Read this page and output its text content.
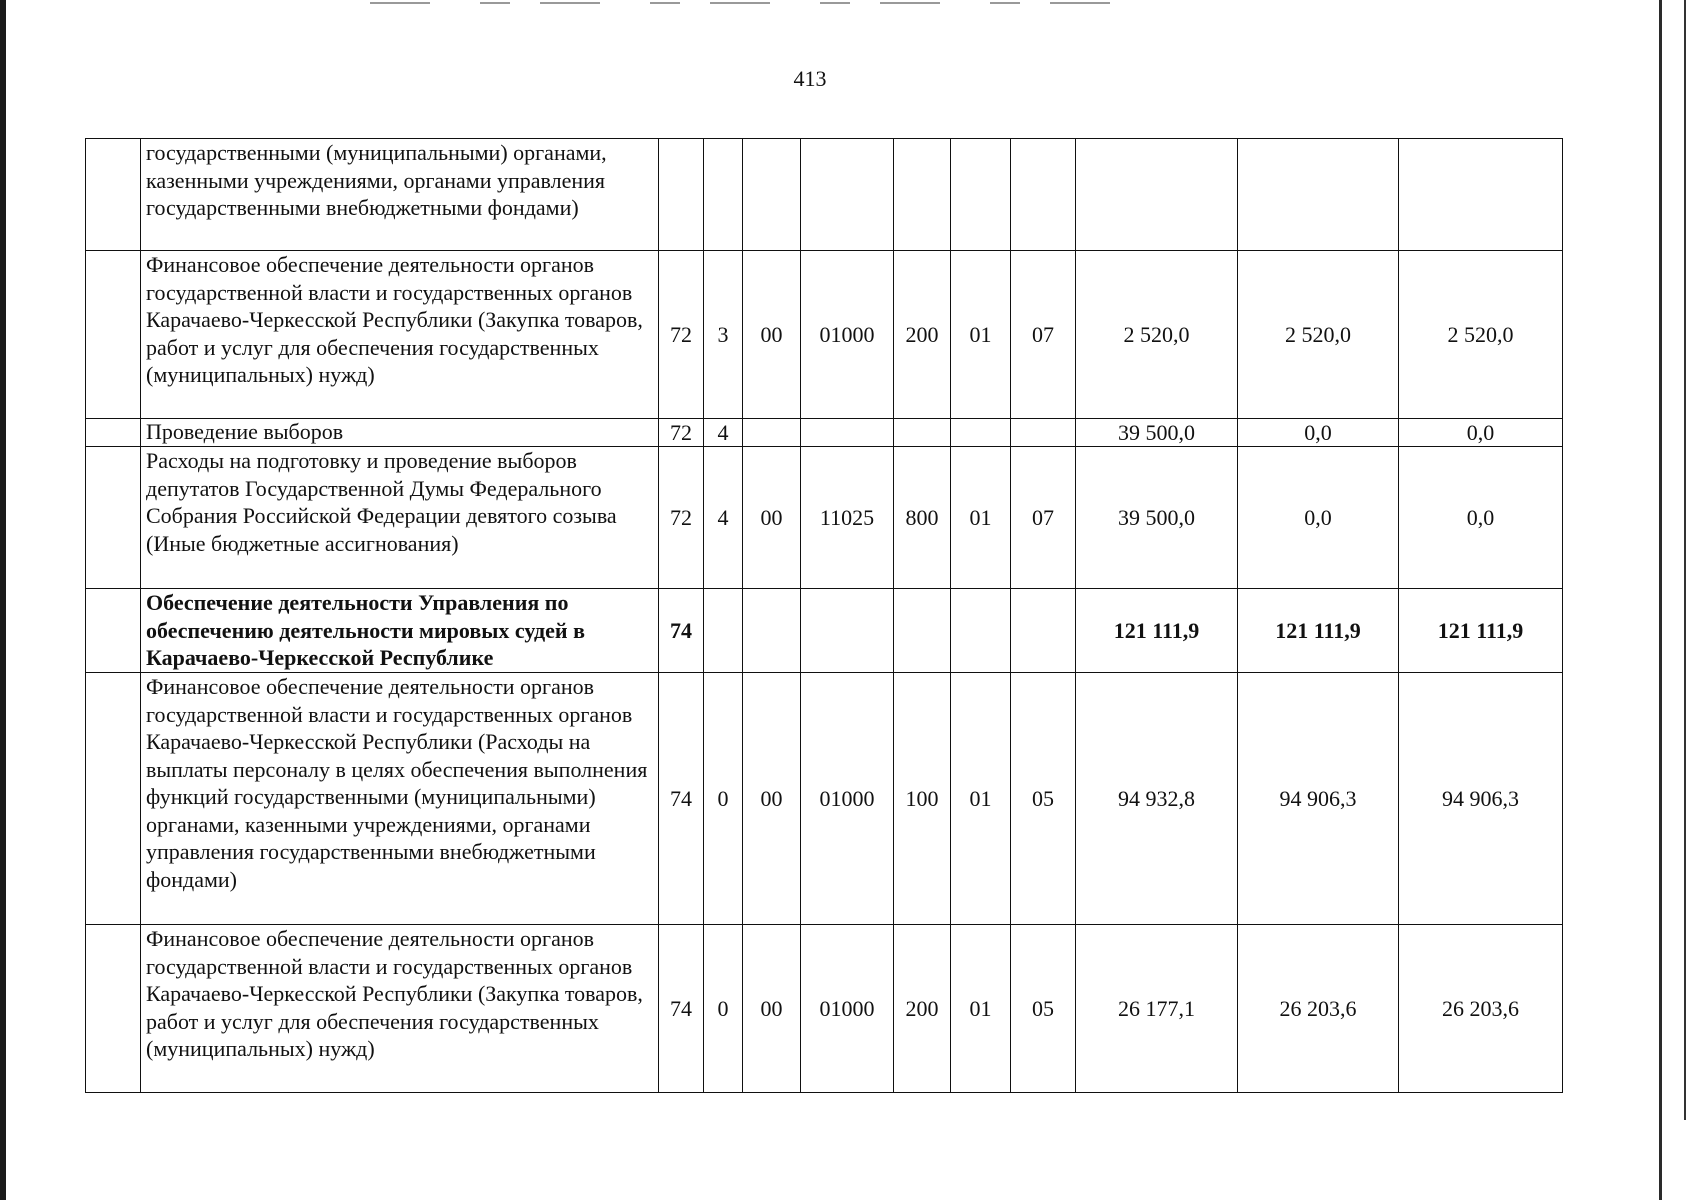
413
	государственными (муниципальными) органами, казенными учреждениями, органами управления государственными внебюджетными фондами)										
	Финансовое обеспечение деятельности органов государственной власти и государственных органов Карачаево-Черкесской Республики (Закупка товаров, работ и услуг для обеспечения государственных (муниципальных) нужд)	72	3	00	01000	200	01	07	2 520,0	2 520,0	2 520,0
	Проведение выборов	72	4						39 500,0	0,0	0,0
	Расходы на подготовку и проведение выборов депутатов Государственной Думы Федерального Собрания Российской Федерации девятого созыва (Иные бюджетные ассигнования)	72	4	00	11025	800	01	07	39 500,0	0,0	0,0
	Обеспечение деятельности Управления по обеспечению деятельности мировых судей в Карачаево-Черкесской Республике	74							121 111,9	121 111,9	121 111,9
	Финансовое обеспечение деятельности органов государственной власти и государственных органов Карачаево-Черкесской Республики (Расходы на выплаты персоналу в целях обеспечения выполнения функций государственными (муниципальными) органами, казенными учреждениями, органами управления государственными внебюджетными фондами)	74	0	00	01000	100	01	05	94 932,8	94 906,3	94 906,3
	Финансовое обеспечение деятельности органов государственной власти и государственных органов Карачаево-Черкесской Республики (Закупка товаров, работ и услуг для обеспечения государственных (муниципальных) нужд)	74	0	00	01000	200	01	05	26 177,1	26 203,6	26 203,6
